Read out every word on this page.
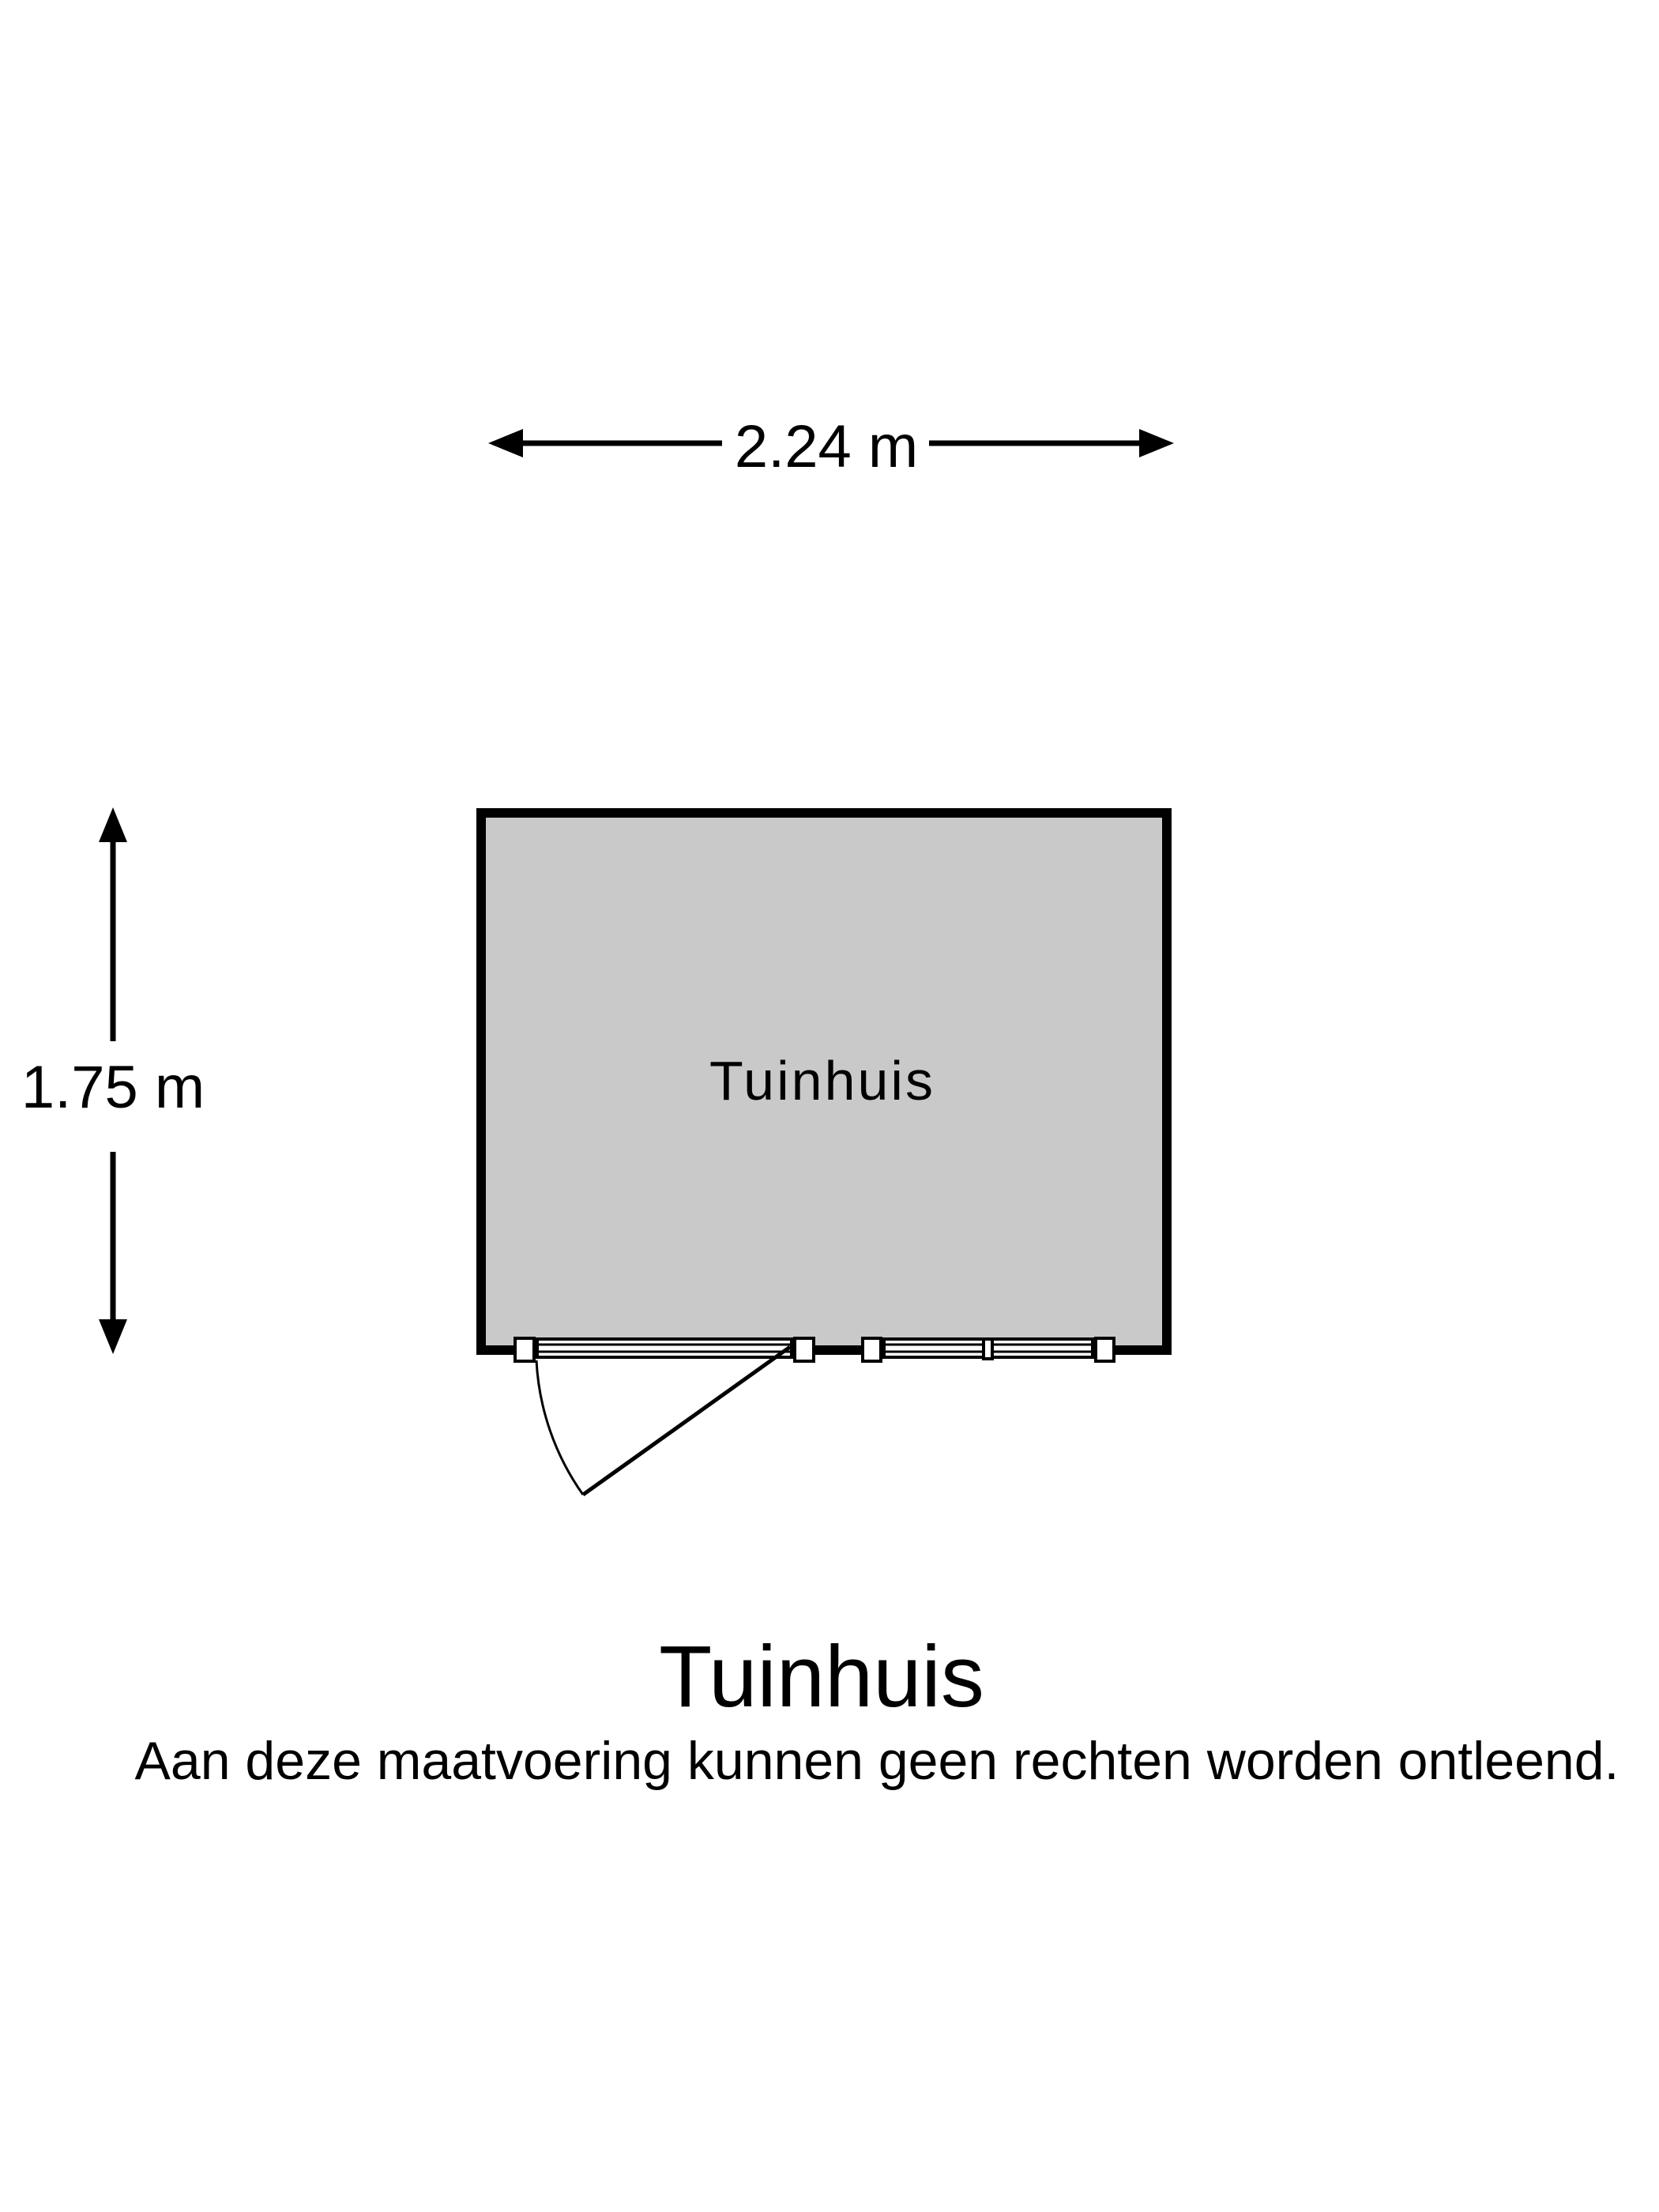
2.24 m
1.75 m	Tuinhuis
Tuinhuis
Aan deze maatvoering kunnen geen rechten worden ontleend.
